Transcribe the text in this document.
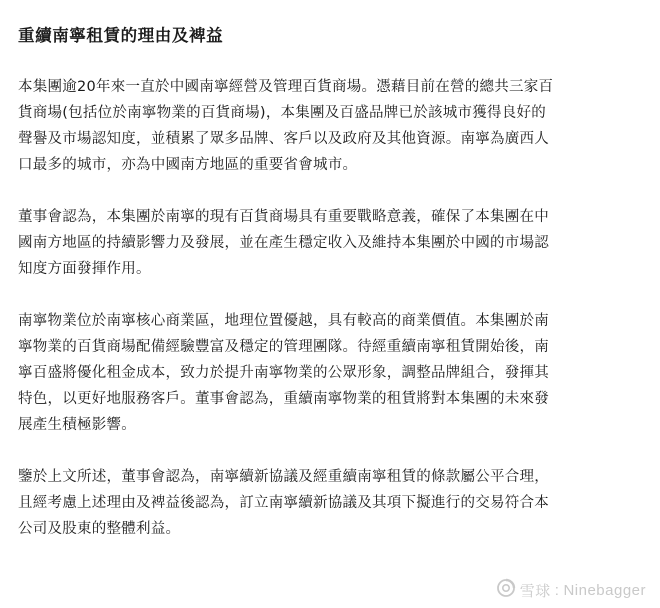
重續南寧租賃的理由及裨益

本集團逾20年來一直於中國南寧經營及管理百貨商場。憑藉目前在營的總共三家百
貨商場(包括位於南寧物業的百貨商場)，本集團及百盛品牌已於該城市獲得良好的
聲譽及市場認知度，並積累了眾多品牌、客戶以及政府及其他資源。南寧為廣西人
口最多的城市，亦為中國南方地區的重要省會城市。

董事會認為，本集團於南寧的現有百貨商場具有重要戰略意義，確保了本集團在中
國南方地區的持續影響力及發展，並在產生穩定收入及維持本集團於中國的市場認
知度方面發揮作用。

南寧物業位於南寧核心商業區，地理位置優越，具有較高的商業價值。本集團於南
寧物業的百貨商場配備經驗豐富及穩定的管理團隊。待經重續南寧租賃開始後，南
寧百盛將優化租金成本，致力於提升南寧物業的公眾形象，調整品牌組合，發揮其
特色，以更好地服務客戶。董事會認為，重續南寧物業的租賃將對本集團的未來發
展產生積極影響。

鑒於上文所述，董事會認為，南寧續新協議及經重續南寧租賃的條款屬公平合理，
且經考慮上述理由及裨益後認為，訂立南寧續新協議及其項下擬進行的交易符合本
公司及股東的整體利益。

雪球 : Ninebagger
